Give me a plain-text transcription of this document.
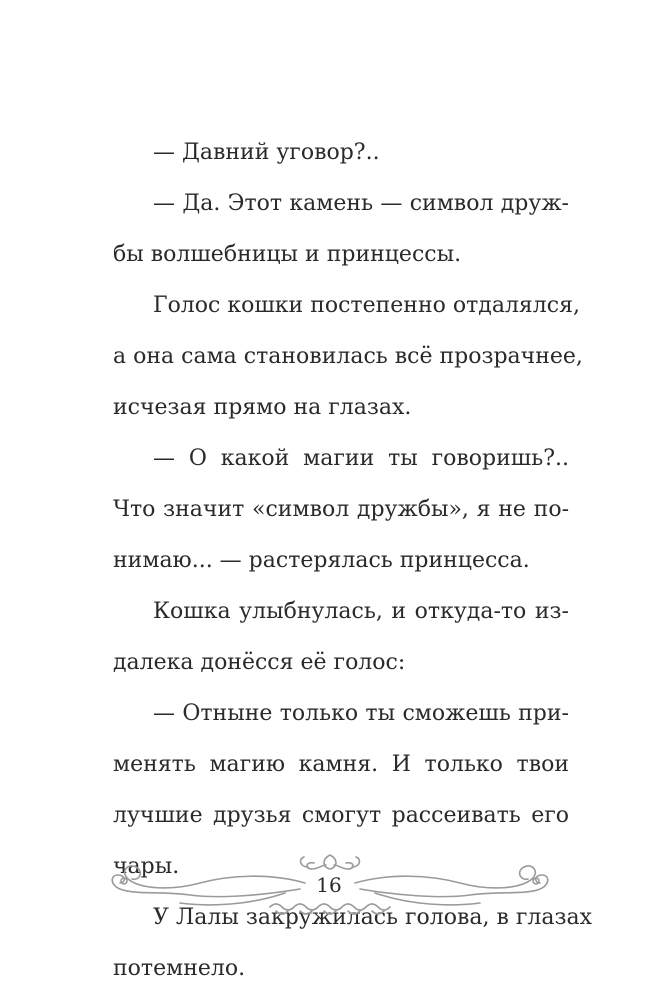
— Давний уговор?..
— Да. Этот камень — символ друж-
бы волшебницы и принцессы.
Голос кошки постепенно отдалялся,
а она сама становилась всё прозрачнее,
исчезая прямо на глазах.
— О какой магии ты говоришь?..
Что значит «символ дружбы», я не по-
нимаю... — растерялась принцесса.
Кошка улыбнулась, и откуда-то из-
далека донёсся её голос:
— Отныне только ты сможешь при-
менять магию камня. И только твои
лучшие друзья смогут рассеивать его
чары.
У Лалы закружилась голова, в глазах
потемнело.
16
